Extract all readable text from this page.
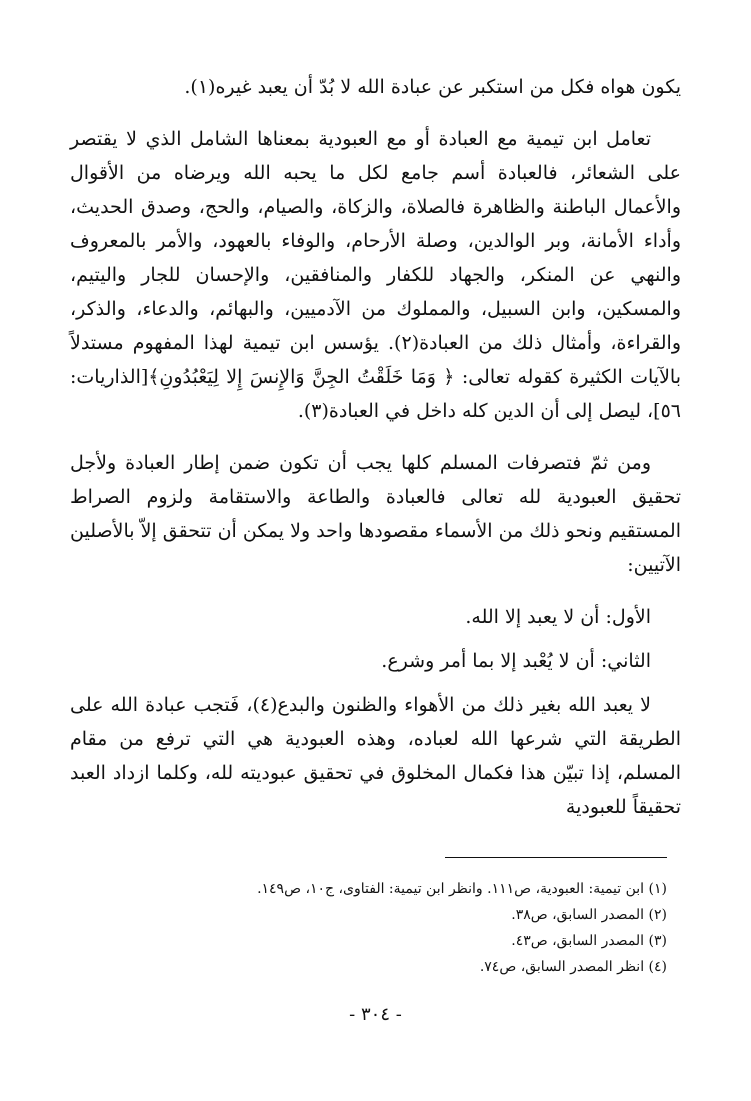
يكون هواه فكل من استكبر عن عبادة الله لا بُدّ أن يعبد غيره(١).

تعامل ابن تيمية مع العبادة أو مع العبودية بمعناها الشامل الذي لا يقتصر على الشعائر، فالعبادة أسم جامع لكل ما يحبه الله ويرضاه من الأقوال والأعمال الباطنة والظاهرة فالصلاة، والزكاة، والصيام، والحج، وصدق الحديث، وأداء الأمانة، وبر الوالدين، وصلة الأرحام، والوفاء بالعهود، والأمر بالمعروف والنهي عن المنكر، والجهاد للكفار والمنافقين، والإحسان للجار واليتيم، والمسكين، وابن السبيل، والمملوك من الآدميين، والبهائم، والدعاء، والذكر، والقراءة، وأمثال ذلك من العبادة(٢). يؤسس ابن تيمية لهذا المفهوم مستدلاً بالآيات الكثيرة كقوله تعالى: ﴿ وَمَا خَلَقْتُ الجِنَّ وَالإِنسَ إِلا لِيَعْبُدُونِ﴾[الذاريات: ٥٦]، ليصل إلى أن الدين كله داخل في العبادة(٣).

ومن ثمّ فتصرفات المسلم كلها يجب أن تكون ضمن إطار العبادة ولأجل تحقيق العبودية لله تعالى فالعبادة والطاعة والاستقامة ولزوم الصراط المستقيم ونحو ذلك من الأسماء مقصودها واحد ولا يمكن أن تتحقق إلاّ بالأصلين الآتيين:

الأول: أن لا يعبد إلا الله.

الثاني: أن لا يُعْبد إلا بما أمر وشرع.

لا يعبد الله بغير ذلك من الأهواء والظنون والبدع(٤)، فَتجب عبادة الله على الطريقة التي شرعها الله لعباده، وهذه العبودية هي التي ترفع من مقام المسلم، إذا تبيّن هذا فكمال المخلوق في تحقيق عبوديته لله، وكلما ازداد العبد تحقيقاً للعبودية

(١) ابن تيمية: العبودية، ص١١١. وانظر ابن تيمية: الفتاوى، ج١٠، ص١٤٩.

(٢) المصدر السابق، ص٣٨.

(٣) المصدر السابق، ص٤٣.

(٤) انظر المصدر السابق، ص٧٤.

- ٣٠٤ -
